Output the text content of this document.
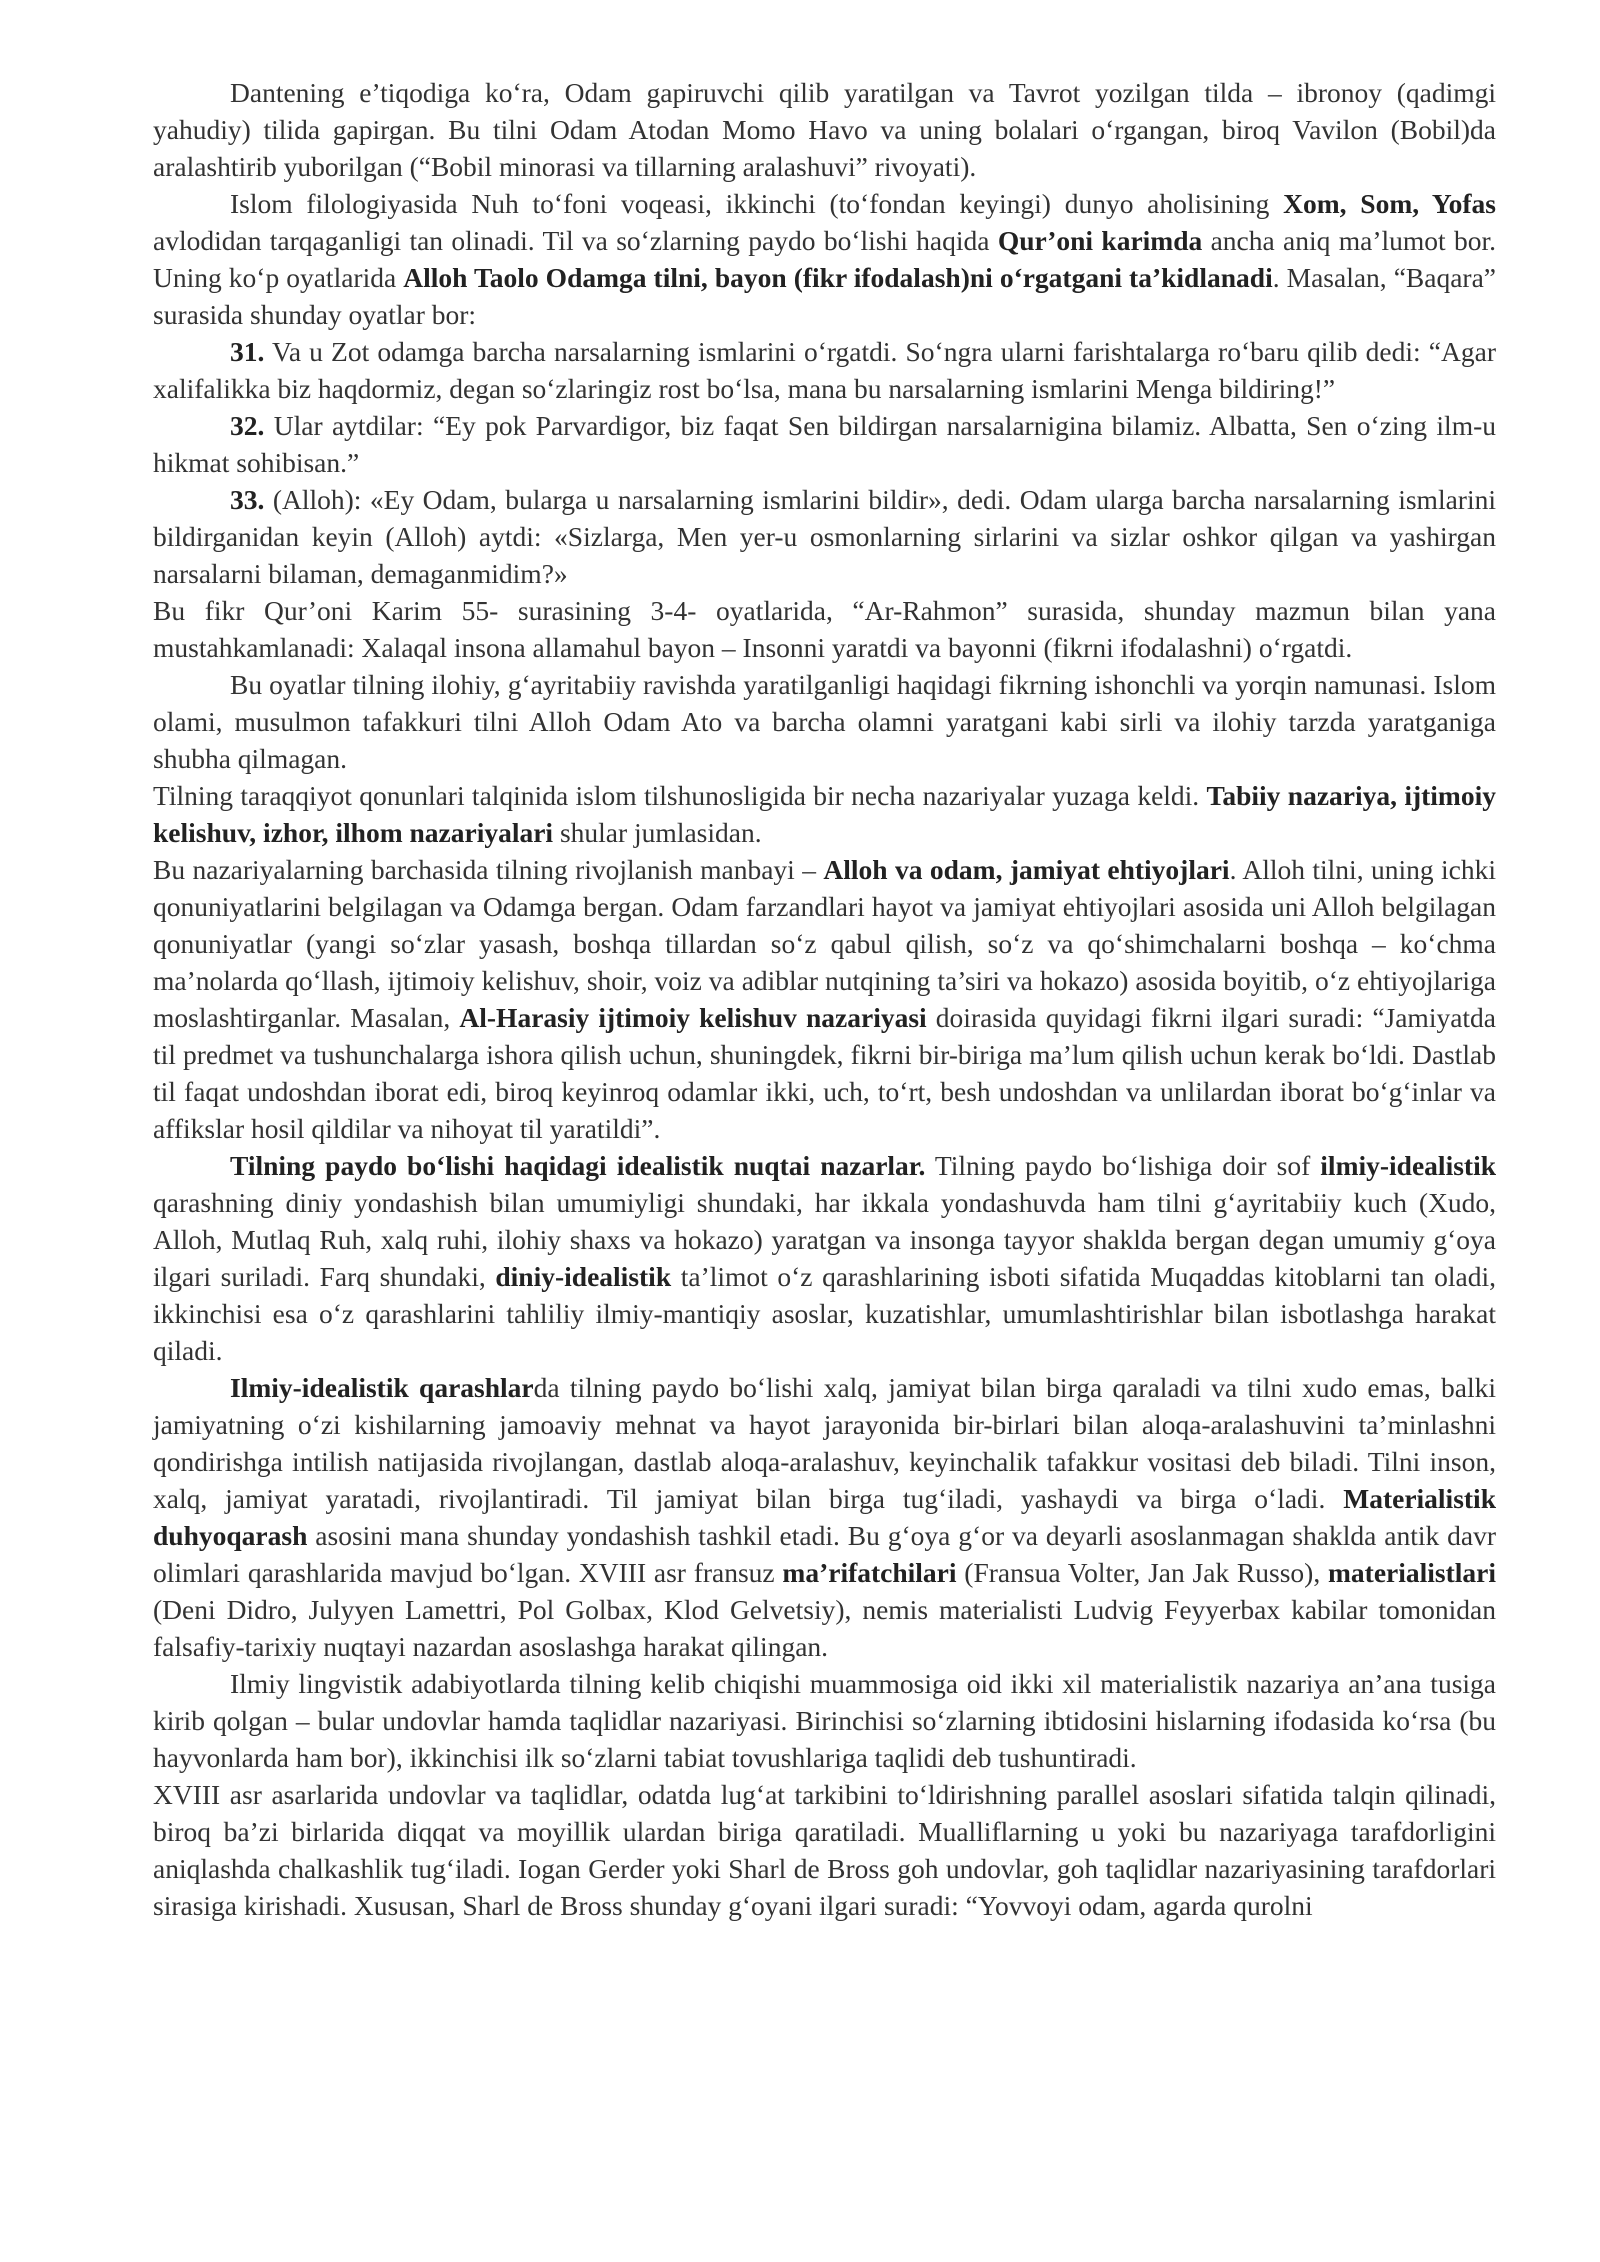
Dantening e’tiqodiga ko‘ra, Odam gapiruvchi qilib yaratilgan va Tavrot yozilgan tilda – ibronoy (qadimgi yahudiy) tilida gapirgan. Bu tilni Odam Atodan Momo Havo va uning bolalari o‘rgangan, biroq Vavilon (Bobil)da aralashtirib yuborilgan (“Bobil minorasi va tillarning aralashuvi” rivoyati).

Islom filologiyasida Nuh to‘foni voqeasi, ikkinchi (to‘fondan keyingi) dunyo aholisining Xom, Som, Yofas avlodidan tarqaganligi tan olinadi. Til va so‘zlarning paydo bo‘lishi haqida Qur’oni karimda ancha aniq ma’lumot bor. Uning ko‘p oyatlarida Alloh Taolo Odamga tilni, bayon (fikr ifodalash)ni o‘rgatgani ta’kidlanadi. Masalan, “Baqara” surasida shunday oyatlar bor:

31. Va u Zot odamga barcha narsalarning ismlarini o‘rgatdi. So‘ngra ularni farishtalarga ro‘baru qilib dedi: “Agar xalifalikka biz haqdormiz, degan so‘zlaringiz rost bo‘lsa, mana bu narsalarning ismlarini Menga bildiring!”

32. Ular aytdilar: “Ey pok Parvardigor, biz faqat Sen bildirgan narsalarnigina bilamiz. Albatta, Sen o‘zing ilm-u hikmat sohibisan.”

33. (Alloh): «Ey Odam, bularga u narsalarning ismlarini bildir», dedi. Odam ularga barcha narsalarning ismlarini bildirganidan keyin (Alloh) aytdi: «Sizlarga, Men yer-u osmonlarning sirlarini va sizlar oshkor qilgan va yashirgan narsalarni bilaman, demaganmidim?»

Bu fikr Qur’oni Karim 55- surasining 3-4- oyatlarida, “Ar-Rahmon” surasida, shunday mazmun bilan yana mustahkamlanadi: Xalaqal insona allamahul bayon – Insonni yaratdi va bayonni (fikrni ifodalashni) o‘rgatdi.

Bu oyatlar tilning ilohiy, g‘ayritabiiy ravishda yaratilganligi haqidagi fikrning ishonchli va yorqin namunasi. Islom olami, musulmon tafakkuri tilni Alloh Odam Ato va barcha olamni yaratgani kabi sirli va ilohiy tarzda yaratganiga shubha qilmagan.

Tilning taraqqiyot qonunlari talqinida islom tilshunosligida bir necha nazariyalar yuzaga keldi. Tabiiy nazariya, ijtimoiy kelishuv, izhor, ilhom nazariyalari shular jumlasidan.

Bu nazariyalarning barchasida tilning rivojlanish manbayi – Alloh va odam, jamiyat ehtiyojlari. Alloh tilni, uning ichki qonuniyatlarini belgilagan va Odamga bergan. Odam farzandlari hayot va jamiyat ehtiyojlari asosida uni Alloh belgilagan qonuniyatlar (yangi so‘zlar yasash, boshqa tillardan so‘z qabul qilish, so‘z va qo‘shimchalarni boshqa – ko‘chma ma’nolarda qo‘llash, ijtimoiy kelishuv, shoir, voiz va adiblar nutqining ta’siri va hokazo) asosida boyitib, o‘z ehtiyojlariga moslashtirganlar. Masalan, Al-Harasiy ijtimoiy kelishuv nazariyasi doirasida quyidagi fikrni ilgari suradi: “Jamiyatda til predmet va tushunchalarga ishora qilish uchun, shuningdek, fikrni bir-biriga ma’lum qilish uchun kerak bo‘ldi. Dastlab til faqat undoshdan iborat edi, biroq keyinroq odamlar ikki, uch, to‘rt, besh undoshdan va unlilardan iborat bo‘g‘inlar va affikslar hosil qildilar va nihoyat til yaratildi”.

Tilning paydo bo‘lishi haqidagi idealistik nuqtai nazarlar. Tilning paydo bo‘lishiga doir sof ilmiy-idealistik qarashning diniy yondashish bilan umumiyligi shundaki, har ikkala yondashuvda ham tilni g‘ayritabiiy kuch (Xudo, Alloh, Mutlaq Ruh, xalq ruhi, ilohiy shaxs va hokazo) yaratgan va insonga tayyor shaklda bergan degan umumiy g‘oya ilgari suriladi. Farq shundaki, diniy-idealistik ta’limot o‘z qarashlarining isboti sifatida Muqaddas kitoblarni tan oladi, ikkinchisi esa o‘z qarashlarini tahliliy ilmiy-mantiqiy asoslar, kuzatishlar, umumlashtirishlar bilan isbotlashga harakat qiladi.

Ilmiy-idealistik qarashlarda tilning paydo bo‘lishi xalq, jamiyat bilan birga qaraladi va tilni xudo emas, balki jamiyatning o‘zi kishilarning jamoaviy mehnat va hayot jarayonida bir-birlari bilan aloqa-aralashuvini ta’minlashni qondirishga intilish natijasida rivojlangan, dastlab aloqa-aralashuv, keyinchalik tafakkur vositasi deb biladi. Tilni inson, xalq, jamiyat yaratadi, rivojlantiradi. Til jamiyat bilan birga tug‘iladi, yashaydi va birga o‘ladi. Materialistik duhyoqarash asosini mana shunday yondashish tashkil etadi. Bu g‘oya g‘or va deyarli asoslanmagan shaklda antik davr olimlari qarashlarida mavjud bo‘lgan. XVIII asr fransuz ma’rifatchilari (Fransua Volter, Jan Jak Russo), materialistlari (Deni Didro, Julyyen Lamettri, Pol Golbax, Klod Gelvetsiy), nemis materialisti Ludvig Feyyerbax kabilar tomonidan falsafiy-tarixiy nuqtayi nazardan asoslashga harakat qilingan.

Ilmiy lingvistik adabiyotlarda tilning kelib chiqishi muammosiga oid ikki xil materialistik nazariya an’ana tusiga kirib qolgan – bular undovlar hamda taqlidlar nazariyasi. Birinchisi so‘zlarning ibtidosini hislarning ifodasida ko‘rsa (bu hayvonlarda ham bor), ikkinchisi ilk so‘zlarni tabiat tovushlariga taqlidi deb tushuntiradi.

XVIII asr asarlarida undovlar va taqlidlar, odatda lug‘at tarkibini to‘ldirishning parallel asoslari sifatida talqin qilinadi, biroq ba’zi birlarida diqqat va moyillik ulardan biriga qaratiladi. Mualliflarning u yoki bu nazariyaga tarafdorligini aniqlashda chalkashlik tug‘iladi. Iogan Gerder yoki Sharl de Bross goh undovlar, goh taqlidlar nazariyasining tarafdorlari sirasiga kirishadi. Xususan, Sharl de Bross shunday g‘oyani ilgari suradi: “Yovvoyi odam, agarda qurolni
